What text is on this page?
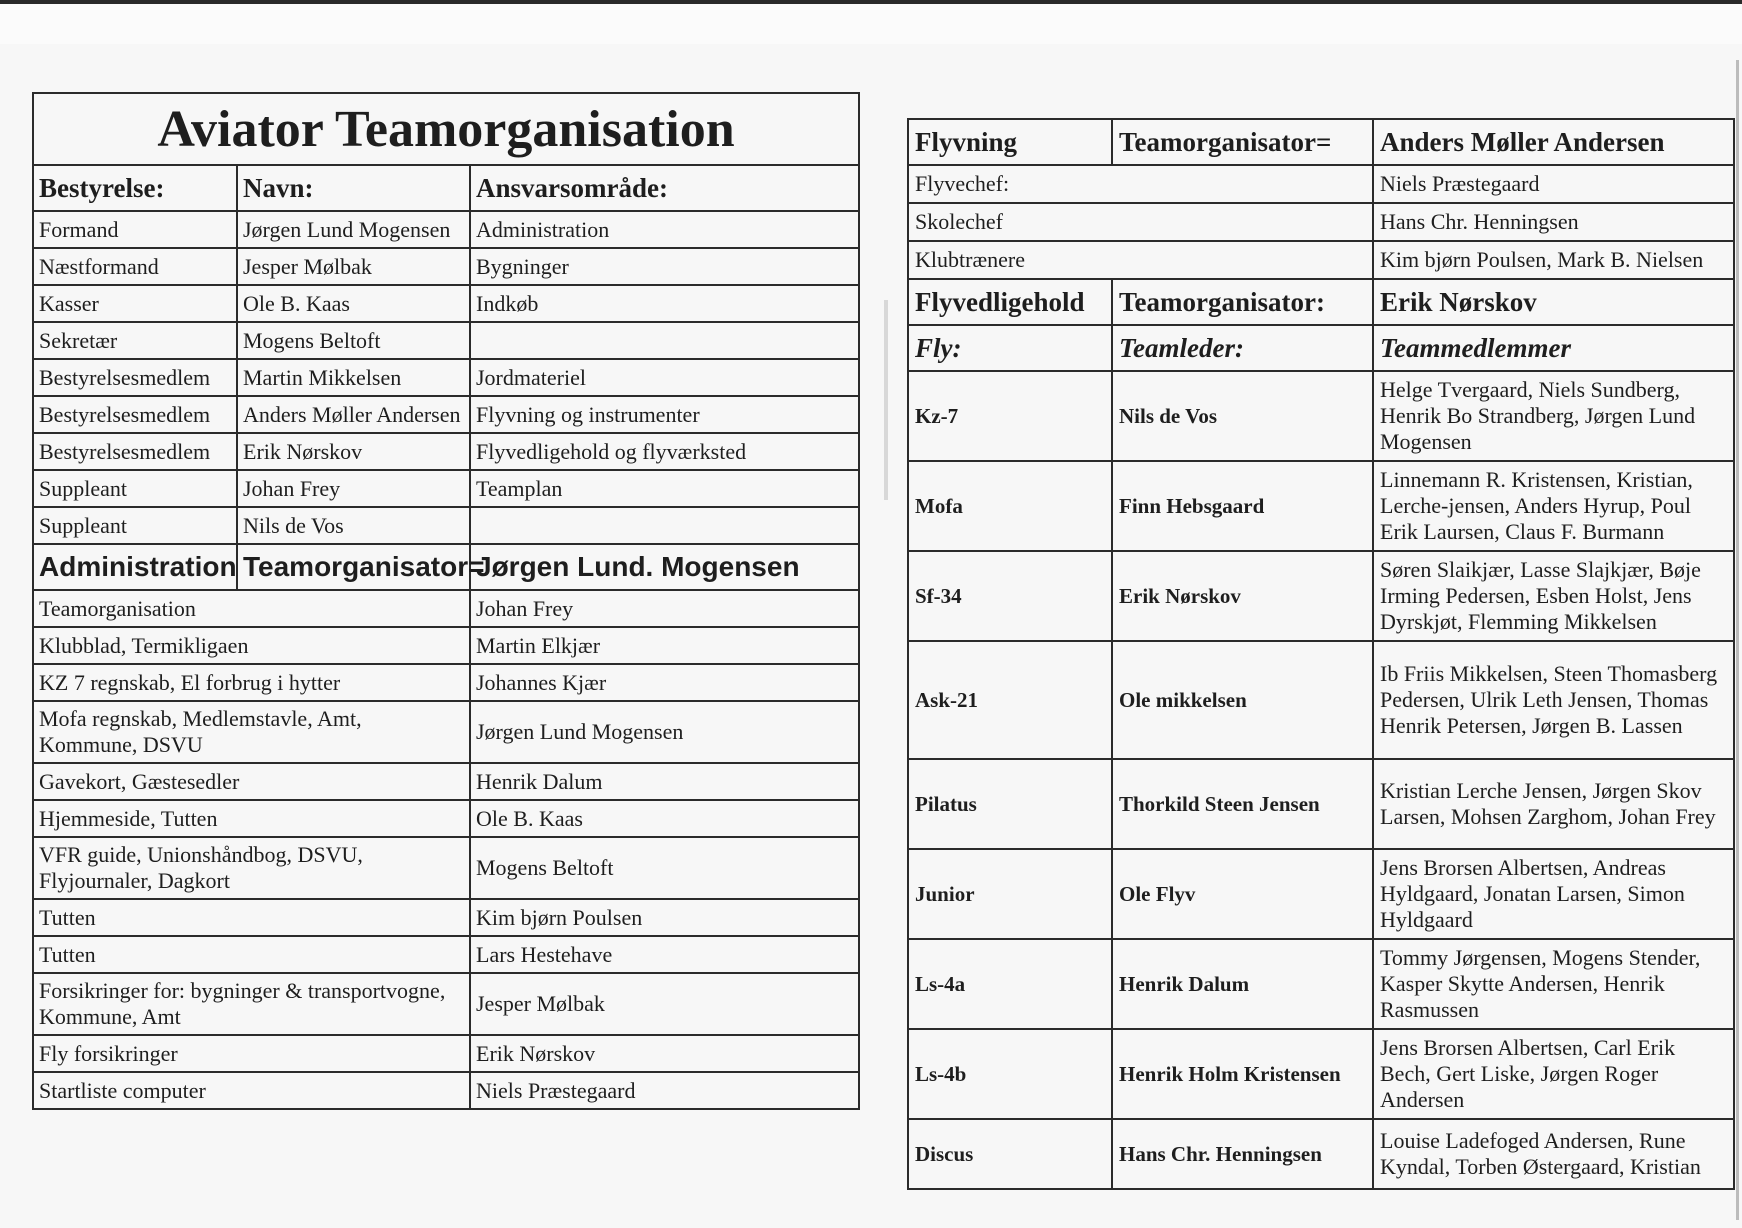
Aviator Teamorganisation		
Bestyrelse:	Navn:	Ansvarsområde:
Formand	Jørgen Lund Mogensen	Administration
Næstformand	Jesper Mølbak	Bygninger
Kasser	Ole B. Kaas	Indkøb
Sekretær	Mogens Beltoft	
Bestyrelsesmedlem	Martin Mikkelsen	Jordmateriel
Bestyrelsesmedlem	Anders Møller Andersen	Flyvning og instrumenter
Bestyrelsesmedlem	Erik Nørskov	Flyvedligehold og flyværksted
Suppleant	Johan Frey	Teamplan
Suppleant	Nils de Vos	
Administration	Teamorganisator=	Jørgen Lund. Mogensen
Teamorganisation		Johan Frey
Klubblad, Termikligaen		Martin Elkjær
KZ 7 regnskab, El forbrug i hytter		Johannes Kjær
Mofa regnskab, Medlemstavle, Amt, Kommune, DSVU		Jørgen Lund Mogensen
Gavekort, Gæstesedler		Henrik Dalum
Hjemmeside, Tutten		Ole B. Kaas
VFR guide, Unionshåndbog, DSVU, Flyjournaler, Dagkort		Mogens Beltoft
Tutten		Kim bjørn Poulsen
Tutten		Lars Hestehave
Forsikringer for: bygninger & transportvogne, Kommune, Amt		Jesper Mølbak
Fly forsikringer		Erik Nørskov
Startliste computer		Niels Præstegaard
Flyvning	Teamorganisator=	Anders Møller Andersen
Flyvechef:		Niels Præstegaard
Skolechef		Hans Chr. Henningsen
Klubtrænere		Kim bjørn Poulsen, Mark B. Nielsen
Flyvedligehold	Teamorganisator:	Erik Nørskov
Fly:	Teamleder:	Teammedlemmer
Kz-7	Nils de Vos	Helge Tvergaard, Niels Sundberg, Henrik Bo Strandberg, Jørgen Lund Mogensen
Mofa	Finn Hebsgaard	Linnemann R. Kristensen, Kristian, Lerche-jensen, Anders Hyrup, Poul Erik Laursen, Claus F. Burmann
Sf-34	Erik Nørskov	Søren Slaikjær, Lasse Slajkjær, Bøje Irming Pedersen, Esben Holst, Jens Dyrskjøt, Flemming Mikkelsen
Ask-21	Ole mikkelsen	Ib Friis Mikkelsen, Steen Thomasberg Pedersen, Ulrik Leth Jensen, Thomas Henrik Petersen, Jørgen B. Lassen
Pilatus	Thorkild Steen Jensen	Kristian Lerche Jensen, Jørgen Skov Larsen, Mohsen Zarghom, Johan Frey
Junior	Ole Flyv	Jens Brorsen Albertsen, Andreas Hyldgaard, Jonatan Larsen, Simon Hyldgaard
Ls-4a	Henrik Dalum	Tommy Jørgensen, Mogens Stender, Kasper Skytte Andersen, Henrik Rasmussen
Ls-4b	Henrik Holm Kristensen	Jens Brorsen Albertsen, Carl Erik Bech, Gert Liske, Jørgen Roger Andersen
Discus	Hans Chr. Henningsen	Louise Ladefoged Andersen, Rune Kyndal, Torben Østergaard, Kristian
